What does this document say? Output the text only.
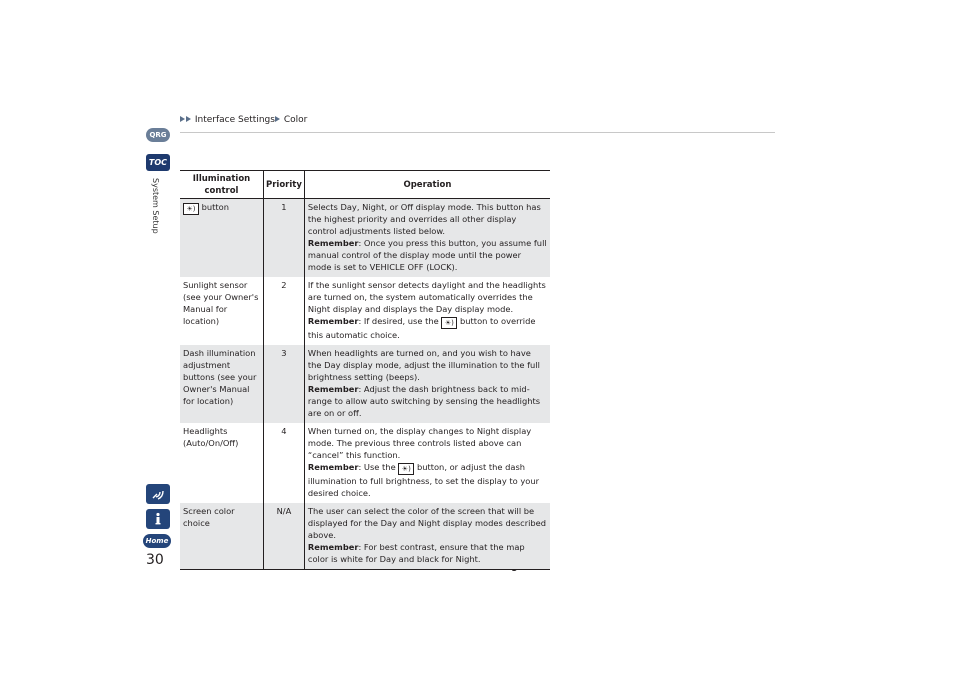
Interface Settings Color
QRG
TOC
System Setup
Home
30
Illumination control	Priority	Operation
☀) button	1	Selects Day, Night, or Off display mode. This button has the highest priority and overrides all other display control adjustments listed below.
Remember: Once you press this button, you assume full manual control of the display mode until the power mode is set to VEHICLE OFF (LOCK).
Sunlight sensor (see your Owner's Manual for location)	2	If the sunlight sensor detects daylight and the headlights are turned on, the system automatically overrides the Night display and displays the Day display mode.
Remember: If desired, use the ☀) button to override this automatic choice.
Dash illumination adjustment buttons (see your Owner's Manual for location)	3	When headlights are turned on, and you wish to have the Day display mode, adjust the illumination to the full brightness setting (beeps).
Remember: Adjust the dash brightness back to mid-range to allow auto switching by sensing the headlights are on or off.
Headlights (Auto/On/Off)	4	When turned on, the display changes to Night display mode. The previous three controls listed above can “cancel” this function.
Remember: Use the ☀) button, or adjust the dash illumination to full brightness, to set the display to your desired choice.
Screen color choice	N/A	The user can select the color of the screen that will be displayed for the Day and Night display modes described above.
Remember: For best contrast, ensure that the map color is white for Day and black for Night.
